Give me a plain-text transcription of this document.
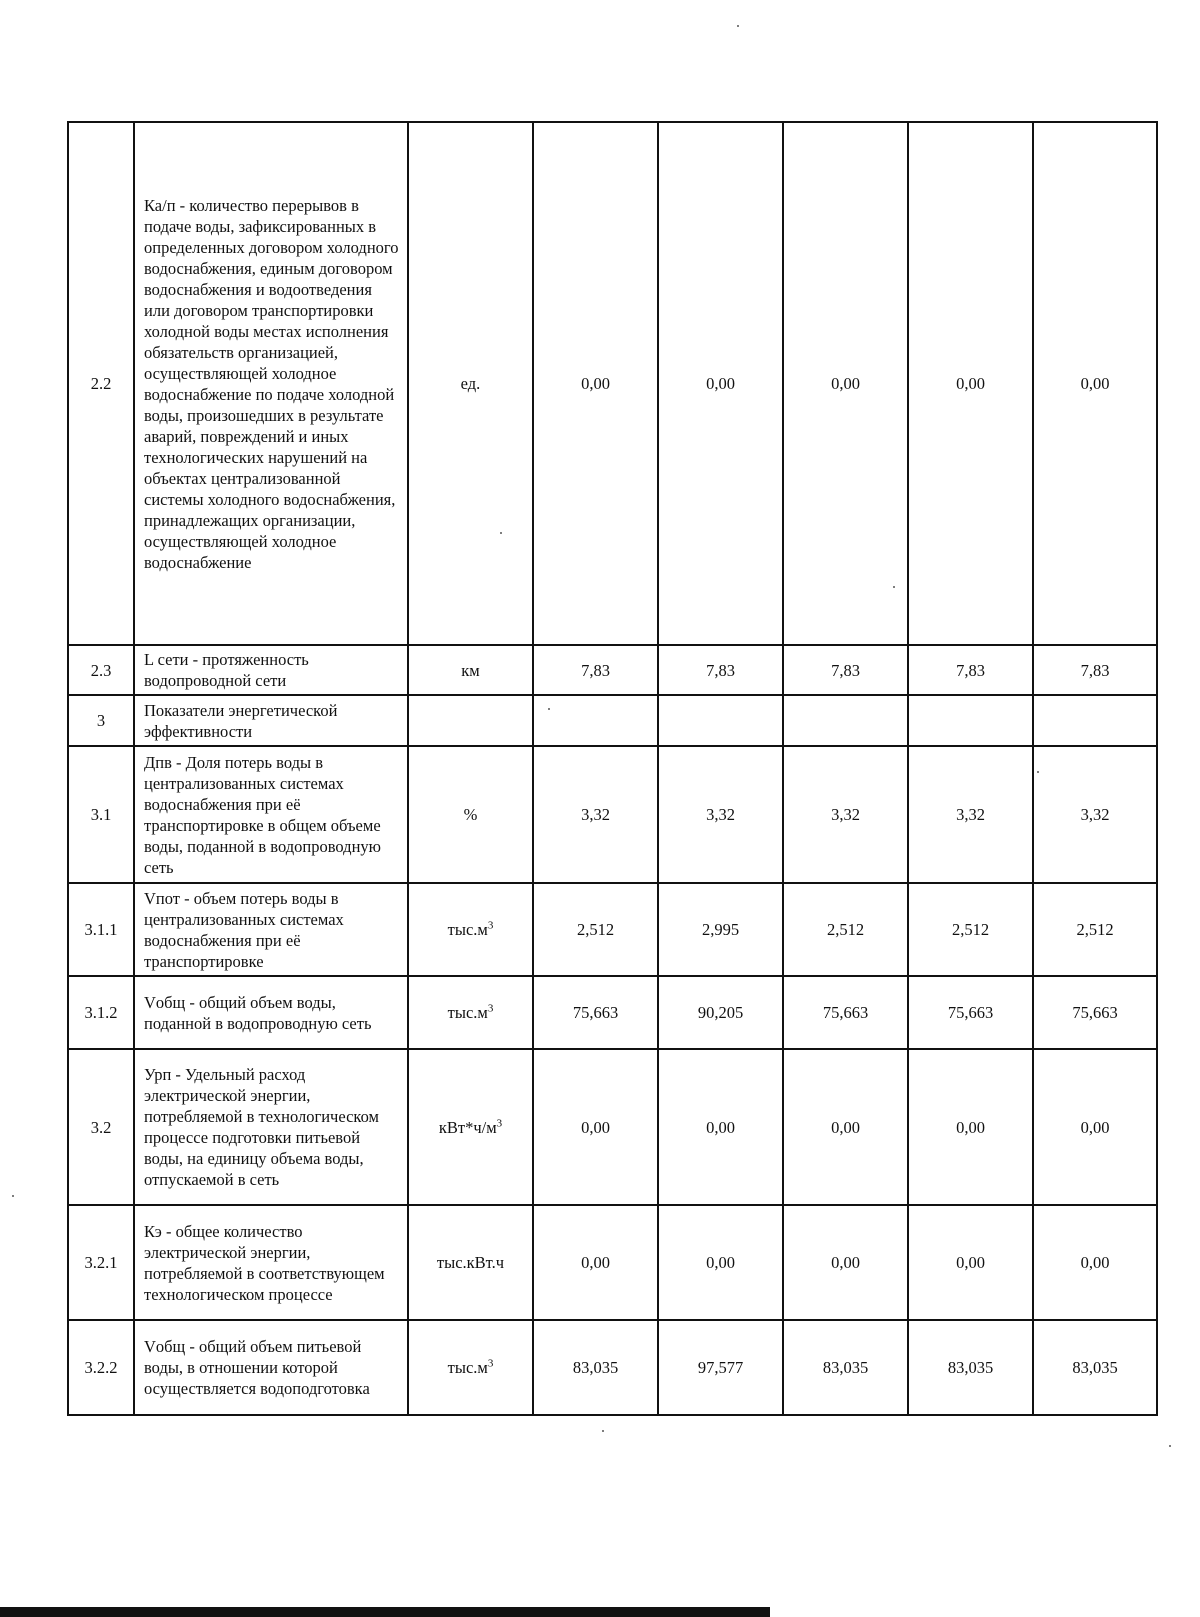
2.2	Ка/п - количество перерывов в подаче воды, зафиксированных в определенных договором холодного водоснабжения, единым договором водоснабжения и водоотведения или договором транспортировки холодной воды местах исполнения обязательств организацией, осуществляющей холодное водоснабжение по подаче холодной воды, произошедших в результате аварий, повреждений и иных технологических нарушений на объектах централизованной системы холодного водоснабжения, принадлежащих организации, осуществляющей холодное водоснабжение	ед.	0,00	0,00	0,00	0,00	0,00
2.3	L сети - протяженность водопроводной сети	км	7,83	7,83	7,83	7,83	7,83
3	Показатели энергетической эффективности						
3.1	Дпв - Доля потерь воды в централизованных системах водоснабжения при её транспортировке в общем объеме воды, поданной в водопроводную сеть	%	3,32	3,32	3,32	3,32	3,32
3.1.1	Vпот - объем потерь воды в централизованных системах водоснабжения при её транспортировке	$тыс.м^3$	2,512	2,995	2,512	2,512	2,512
3.1.2	Vобщ - общий объем воды, поданной в водопроводную сеть	$тыс.м^3$	75,663	90,205	75,663	75,663	75,663
3.2	Урп - Удельный расход электрической энергии, потребляемой в технологическом процессе подготовки питьевой воды, на единицу объема воды, отпускаемой в сеть	$кВт*ч/м^3$	0,00	0,00	0,00	0,00	0,00
3.2.1	Кэ - общее количество электрической энергии, потребляемой в соответствующем технологическом процессе	тыс.кВт.ч	0,00	0,00	0,00	0,00	0,00
3.2.2	Vобщ - общий объем питьевой воды, в отношении которой осуществляется водоподготовка	$тыс.м^3$	83,035	97,577	83,035	83,035	83,035
